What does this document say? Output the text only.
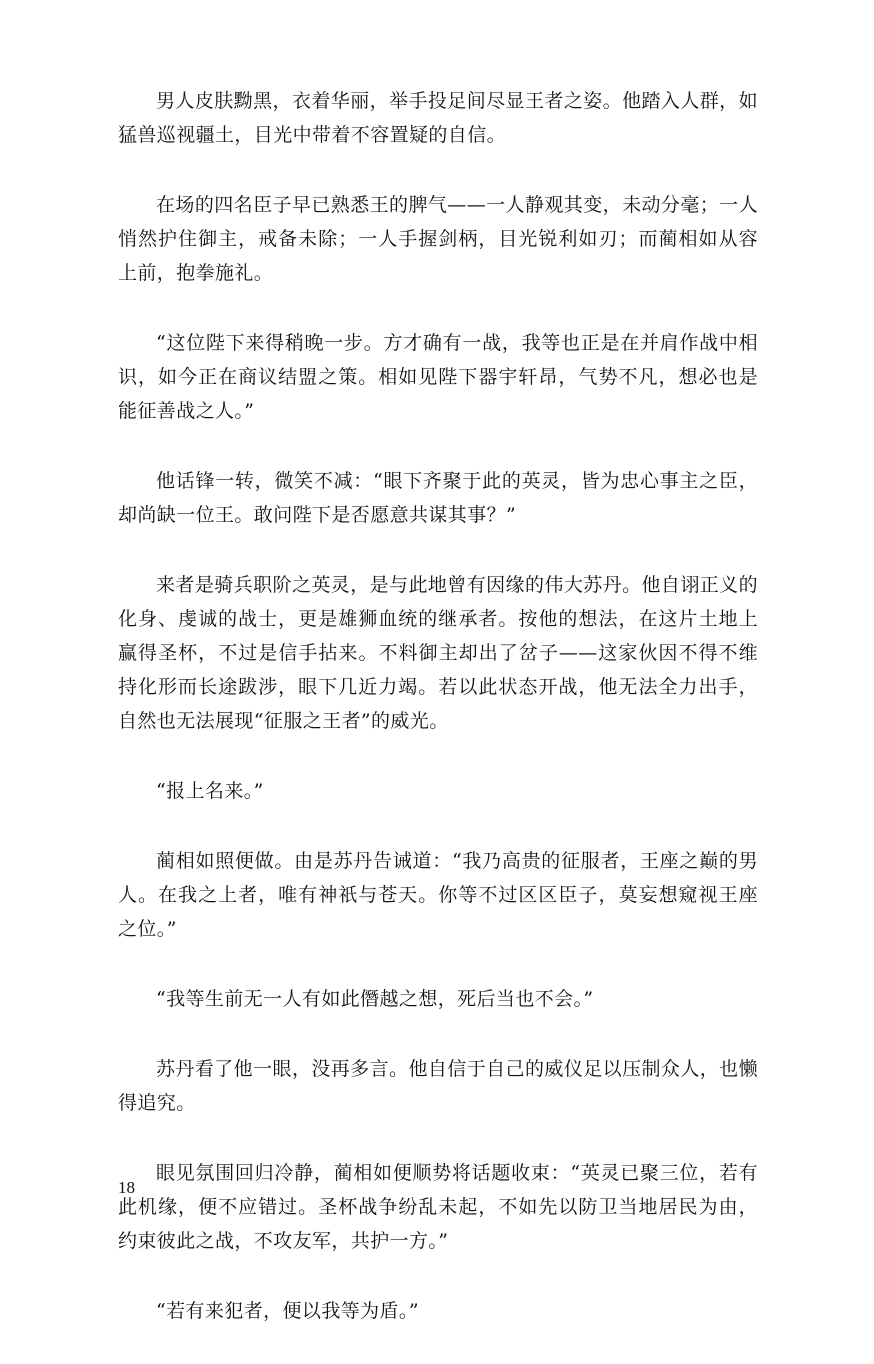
男人皮肤黝黑，衣着华丽，举手投足间尽显王者之姿。他踏入人群，如猛兽巡视疆土，目光中带着不容置疑的自信。

在场的四名臣子早已熟悉王的脾气——一人静观其变，未动分毫；一人悄然护住御主，戒备未除；一人手握剑柄，目光锐利如刃；而蔺相如从容上前，抱拳施礼。

“这位陛下来得稍晚一步。方才确有一战，我等也正是在并肩作战中相识，如今正在商议结盟之策。相如见陛下器宇轩昂，气势不凡，想必也是能征善战之人。”

他话锋一转，微笑不减：“眼下齐聚于此的英灵，皆为忠心事主之臣，却尚缺一位王。敢问陛下是否愿意共谋其事？”

来者是骑兵职阶之英灵，是与此地曾有因缘的伟大苏丹。他自诩正义的化身、虔诚的战士，更是雄狮血统的继承者。按他的想法，在这片土地上赢得圣杯，不过是信手拈来。不料御主却出了岔子——这家伙因不得不维持化形而长途跋涉，眼下几近力竭。若以此状态开战，他无法全力出手，自然也无法展现“征服之王者”的威光。

“报上名来。”

蔺相如照便做。由是苏丹告诫道：“我乃高贵的征服者，王座之巅的男人。在我之上者，唯有神祇与苍天。你等不过区区臣子，莫妄想窥视王座之位。”

“我等生前无一人有如此僭越之想，死后当也不会。”

苏丹看了他一眼，没再多言。他自信于自己的威仪足以压制众人，也懒得追究。

眼见氛围回归冷静，蔺相如便顺势将话题收束：“英灵已聚三位，若有此机缘，便不应错过。圣杯战争纷乱未起，不如先以防卫当地居民为由，约束彼此之战，不攻友军，共护一方。”

“若有来犯者，便以我等为盾。”

18
